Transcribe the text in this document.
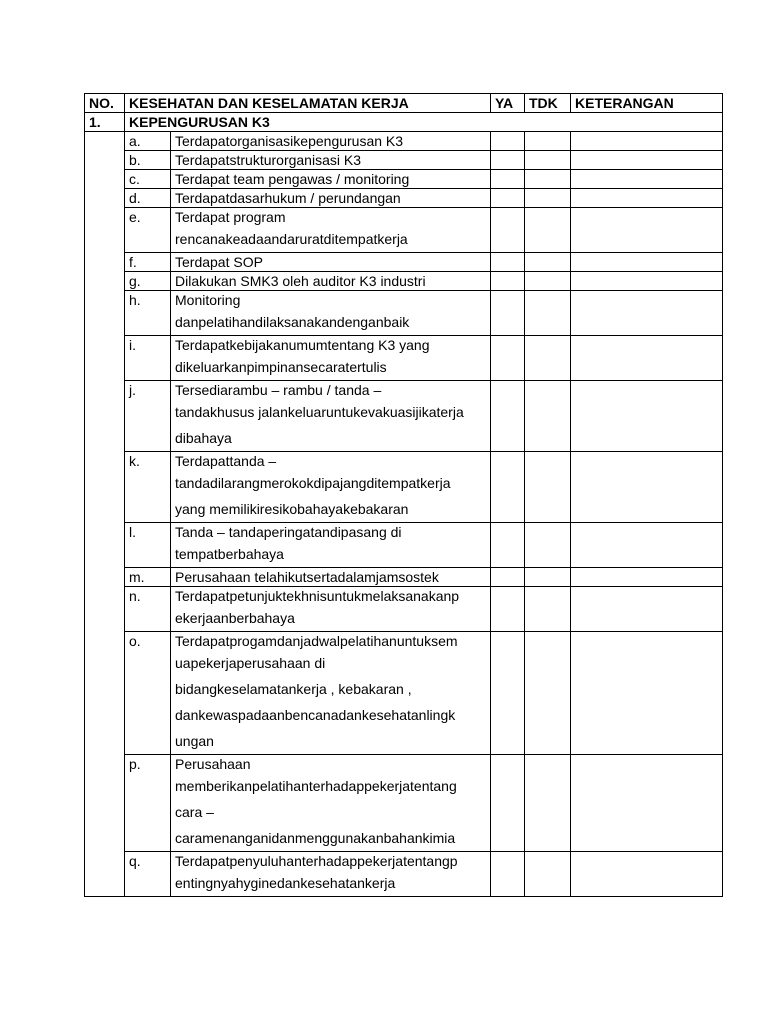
NO.	KESEHATAN DAN KESELAMATAN KERJA		YA	TDK	KETERANGAN
1.	KEPENGURUSAN K3				
	a.	Terdapatorganisasikepengurusan K3			

	b.	Terdapatstrukturorganisasi K3			

	c.	Terdapat team pengawas / monitoring			

	d.	Terdapatdasarhukum / perundangan			

	e.	Terdapat program
rencanakeadaandaruratditempatkerja			

	f.	Terdapat SOP			

	g.	Dilakukan SMK3 oleh auditor K3 industri			

	h.	Monitoring
danpelatihandilaksanakandenganbaik			

	i.	Terdapatkebijakanumumtentang K3 yang
dikeluarkanpimpinansecaratertulis			

	j.	Tersediarambu – rambu / tanda –
tandakhusus jalankeluaruntukevakuasijikaterja
dibahaya			

	k.	Terdapattanda –
tandadilarangmerokokdipajangditempatkerja
yang memilikiresikobahayakebakaran			

	l.	Tanda – tandaperingatandipasang di
tempatberbahaya			

	m.	Perusahaan telahikutsertadalamjamsostek			

	n.	Terdapatpetunjuktekhnisuntukmelaksanakanp
ekerjaanberbahaya			

	o.	Terdapatprogamdanjadwalpelatihanuntuksem
uapekerjaperusahaan di
bidangkeselamatankerja , kebakaran ,
dankewaspadaanbencanadankesehatanlingk
ungan			

	p.	Perusahaan
memberikanpelatihanterhadappekerjatentang
cara –
caramenanganidanmenggunakanbahankimia			

	q.	Terdapatpenyuluhanterhadappekerjatentangp
entingnyahyginedankesehatankerja			
